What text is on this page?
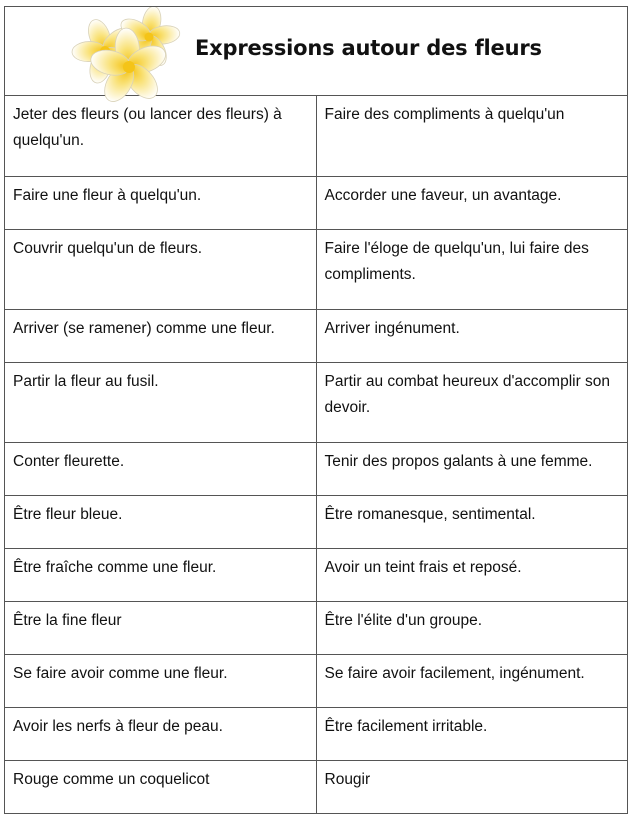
Expressions autour des fleurs
Jeter des fleurs (ou lancer des fleurs) à quelqu'un.	Faire des compliments à quelqu'un
Faire une fleur à quelqu'un.	Accorder une faveur, un avantage.
Couvrir quelqu'un de fleurs.	Faire l'éloge de quelqu'un, lui faire des compliments.
Arriver (se ramener) comme une fleur.	Arriver ingénument.
Partir la fleur au fusil.	Partir au combat heureux d'accomplir son devoir.
Conter fleurette.	Tenir des propos galants à une femme.
Être fleur bleue.	Être romanesque, sentimental.
Être fraîche comme une fleur.	Avoir un teint frais et reposé.
Être la fine fleur	Être l'élite d'un groupe.
Se faire avoir comme une fleur.	Se faire avoir facilement, ingénument.
Avoir les nerfs à fleur de peau.	Être facilement irritable.
Rouge comme un coquelicot	Rougir
